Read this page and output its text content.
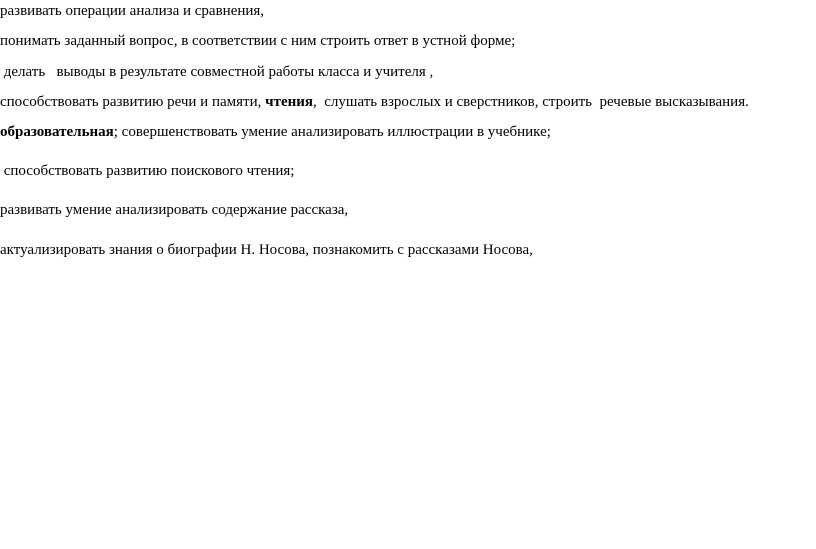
развивать операции анализа и сравнения,
понимать заданный вопрос, в соответствии с ним строить ответ в устной форме;
делать   выводы в результате совместной работы класса и учителя ,
способствовать развитию речи и памяти, чтения,  слушать взрослых и сверстников, строить  речевые высказывания.
образовательная; совершенствовать умение анализировать иллюстрации в учебнике;
способствовать развитию поискового чтения;
развивать умение анализировать содержание рассказа,
актуализировать знания о биографии Н. Носова, познакомить с рассказами Носова,
